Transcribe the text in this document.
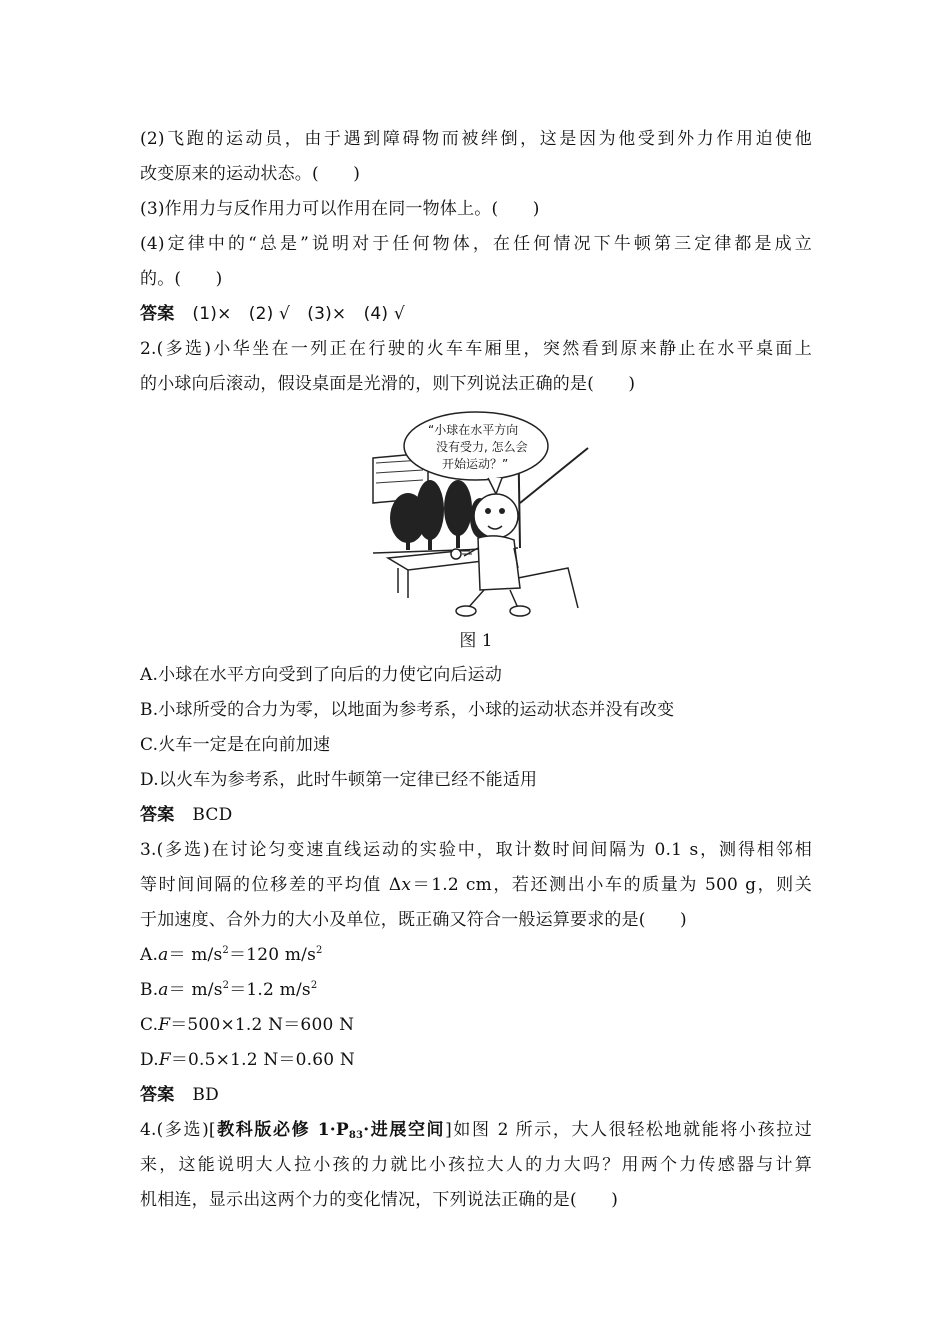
(2)飞跑的运动员，由于遇到障碍物而被绊倒，这是因为他受到外力作用迫使他
改变原来的运动状态。(　　)
(3)作用力与反作用力可以作用在同一物体上。(　　)
(4)定律中的“总是”说明对于任何物体，在任何情况下牛顿第三定律都是成立
的。(　　)
答案 (1)×　(2) √　(3)×　(4) √
2.(多选)小华坐在一列正在行驶的火车车厢里，突然看到原来静止在水平桌面上
的小球向后滚动，假设桌面是光滑的，则下列说法正确的是(　　)
“小球在水平方向
没有受力, 怎么会
开始运动？”
图 1
A.小球在水平方向受到了向后的力使它向后运动
B.小球所受的合力为零，以地面为参考系，小球的运动状态并没有改变
C.火车一定是在向前加速
D.以火车为参考系，此时牛顿第一定律已经不能适用
答案 BCD
3.(多选)在讨论匀变速直线运动的实验中，取计数时间间隔为 0.1 s，测得相邻相
等时间间隔的位移差的平均值 Δx＝1.2 cm，若还测出小车的质量为 500 g，则关
于加速度、合外力的大小及单位，既正确又符合一般运算要求的是(　　)
$A.a= m/s^2=120$ $m/s^2$
$B.a= m/s^2=1.2$ $m/s^2$
C.F＝500×1.2 N＝600 N
D.F＝0.5×1.2 N＝0.60 N
答案 BD
4.(多选)[教科版必修 $1\cdot P_{83}\cdot$进展空间]如图 2 所示，大人很轻松地就能将小孩拉过
来，这能说明大人拉小孩的力就比小孩拉大人的力大吗？用两个力传感器与计算
机相连，显示出这两个力的变化情况，下列说法正确的是(　　)
